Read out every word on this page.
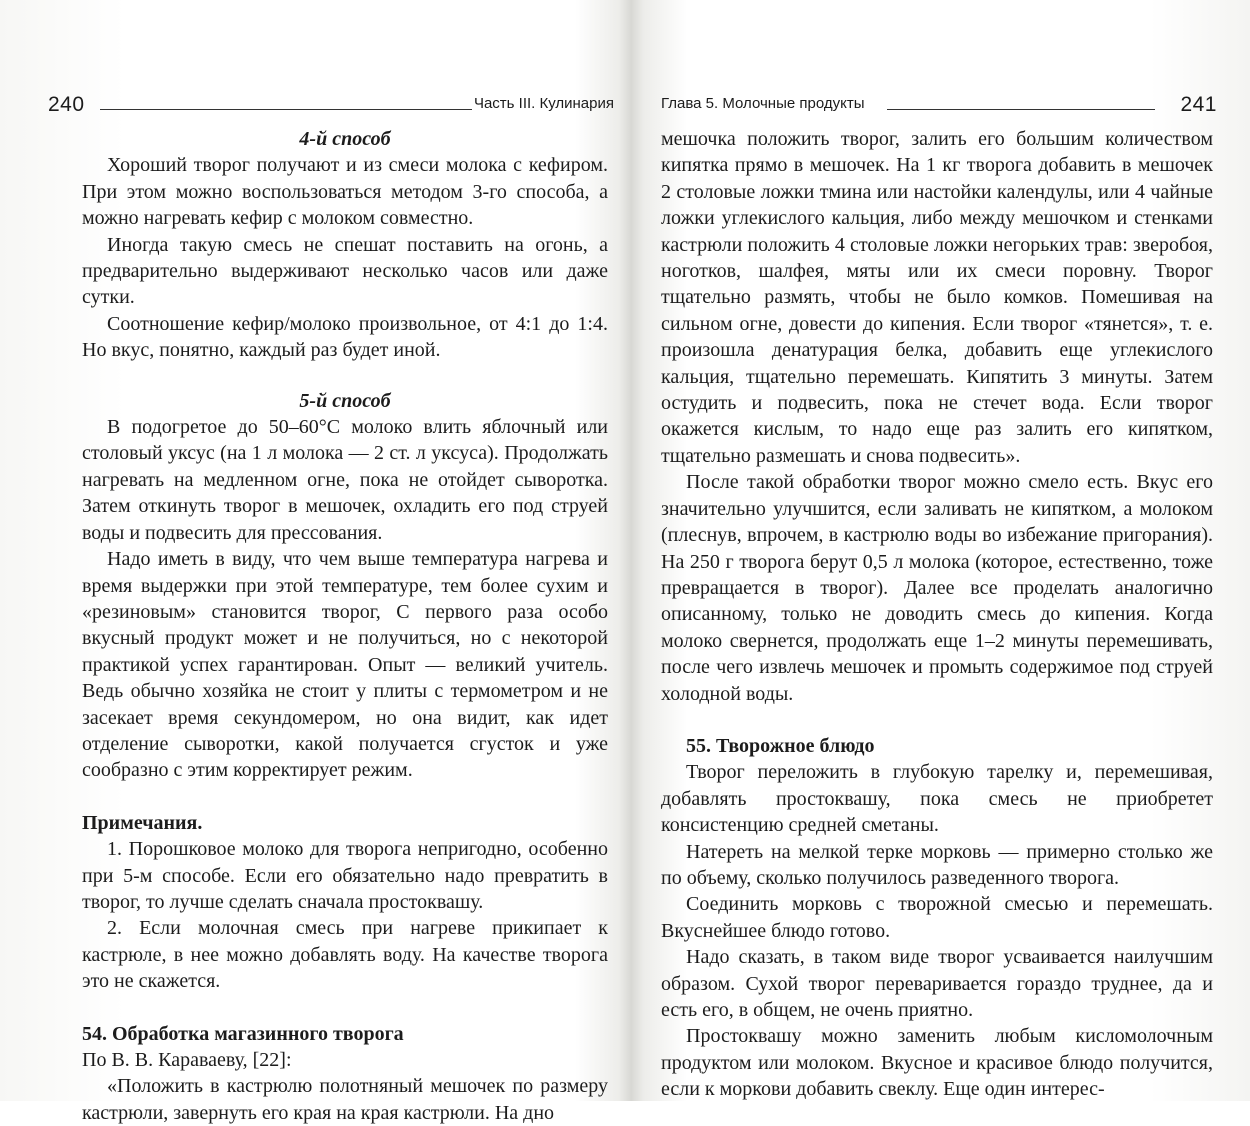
240	Часть III. Кулинария

4-й способ

Хороший творог получают и из смеси молока с кефиром. При этом можно воспользоваться методом 3-го способа, а можно нагревать кефир с молоком совместно.

Иногда такую смесь не спешат поставить на огонь, а предварительно выдерживают несколько часов или даже сутки.

Соотношение кефир/молоко произвольное, от 4:1 до 1:4. Но вкус, понятно, каждый раз будет иной.

5-й способ

В подогретое до 50–60°С молоко влить яблочный или столовый уксус (на 1 л молока — 2 ст. л уксуса). Продолжать нагревать на медленном огне, пока не отойдет сыворотка. Затем откинуть творог в мешочек, охладить его под струей воды и подвесить для прессования.

Надо иметь в виду, что чем выше температура нагрева и время выдержки при этой температуре, тем более сухим и «резиновым» становится творог, С первого раза особо вкусный продукт может и не получиться, но с некоторой практикой успех гарантирован. Опыт — великий учитель. Ведь обычно хозяйка не стоит у плиты с термометром и не засекает время секундомером, но она видит, как идет отделение сыворотки, какой получается сгусток и уже сообразно с этим корректирует режим.

Примечания.

1. Порошковое молоко для творога непригодно, особенно при 5-м способе. Если его обязательно надо превратить в творог, то лучше сделать сначала простоквашу.

2. Если молочная смесь при нагреве прикипает к кастрюле, в нее можно добавлять воду. На качестве творога это не скажется.

54. Обработка магазинного творога

По В. В. Караваеву, [22]:

«Положить в кастрюлю полотняный мешочек по размеру кастрюли, завернуть его края на края кастрюли. На дно

Глава 5. Молочные продукты	241

мешочка положить творог, залить его большим количеством кипятка прямо в мешочек. На 1 кг творога добавить в мешочек 2 столовые ложки тмина или настойки календулы, или 4 чайные ложки углекислого кальция, либо между мешочком и стенками кастрюли положить 4 столовые ложки негорьких трав: зверобоя, ноготков, шалфея, мяты или их смеси поровну. Творог тщательно размять, чтобы не было комков. Помешивая на сильном огне, довести до кипения. Если творог «тянется», т. е. произошла денатурация белка, добавить еще углекислого кальция, тщательно перемешать. Кипятить 3 минуты. Затем остудить и подвесить, пока не стечет вода. Если творог окажется кислым, то надо еще раз залить его кипятком, тщательно размешать и снова подвесить».

После такой обработки творог можно смело есть. Вкус его значительно улучшится, если заливать не кипятком, а молоком (плеснув, впрочем, в кастрюлю воды во избежание пригорания). На 250 г творога берут 0,5 л молока (которое, естественно, тоже превращается в творог). Далее все проделать аналогично описанному, только не доводить смесь до кипения. Когда молоко свернется, продолжать еще 1–2 минуты перемешивать, после чего извлечь мешочек и промыть содержимое под струей холодной воды.

55. Творожное блюдо

Творог переложить в глубокую тарелку и, перемешивая, добавлять простоквашу, пока смесь не приобретет консистенцию средней сметаны.

Натереть на мелкой терке морковь — примерно столько же по объему, сколько получилось разведенного творога.

Соединить морковь с творожной смесью и перемешать. Вкуснейшее блюдо готово.

Надо сказать, в таком виде творог усваивается наилучшим образом. Сухой творог переваривается гораздо труднее, да и есть его, в общем, не очень приятно.

Простоквашу можно заменить любым кисломолочным продуктом или молоком. Вкусное и красивое блюдо получится, если к моркови добавить свеклу. Еще один интерес-
